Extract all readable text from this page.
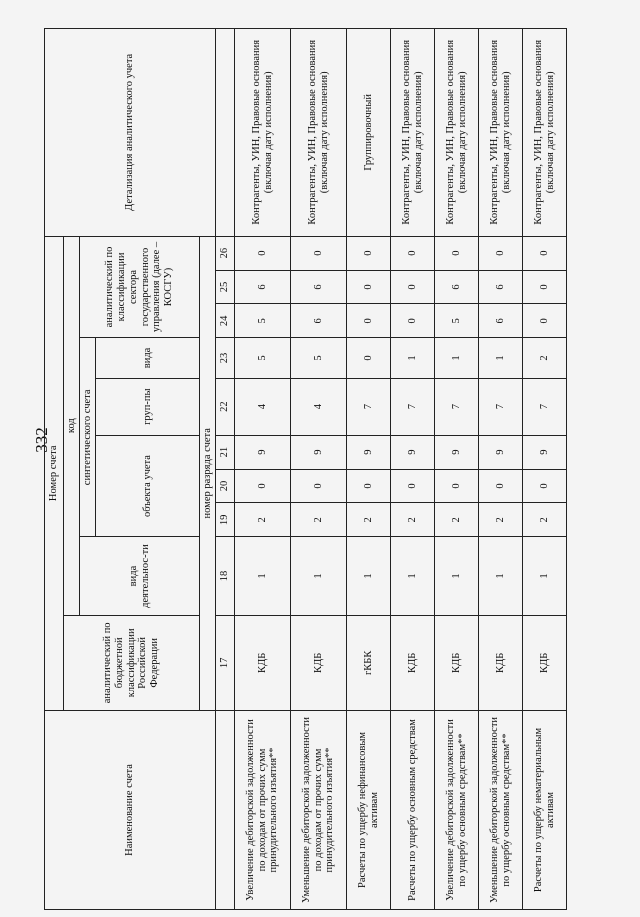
332
Наименование счета	Номер счета										Детализация аналитического учета
	аналитический по бюджетной классификации Российской Федерации	код									
		вида деятельнос-ти	синтетического счета					аналитический по классификации сектора государственного управления (далее – КОСГУ)			
			объекта учета			груп-пы	вида				

	номер разряда счета										
	17	18	19	20	21	22	23	24	25	26	
Увеличение дебиторской задолженности по доходам от прочих сумм принудительного изъятия**	КДБ	1	2	0	9	4	5	5	6	0	Контрагенты, УИН, Правовые основания (включая дату исполнения)
Уменьшение дебиторской задолженности по доходам от прочих сумм принудительного изъятия**	КДБ	1	2	0	9	4	5	6	6	0	Контрагенты, УИН, Правовые основания (включая дату исполнения)
Расчеты по ущербу нефинансовым активам	гКБК	1	2	0	9	7	0	0	0	0	Группировочный
Расчеты по ущербу основным средствам	КДБ	1	2	0	9	7	1	0	0	0	Контрагенты, УИН, Правовые основания (включая дату исполнения)
Увеличение дебиторской задолженности по ущербу основным средствам**	КДБ	1	2	0	9	7	1	5	6	0	Контрагенты, УИН, Правовые основания (включая дату исполнения)
Уменьшение дебиторской задолженности по ущербу основным средствам**	КДБ	1	2	0	9	7	1	6	6	0	Контрагенты, УИН, Правовые основания (включая дату исполнения)
Расчеты по ущербу нематериальным активам	КДБ	1	2	0	9	7	2	0	0	0	Контрагенты, УИН, Правовые основания (включая дату исполнения)
